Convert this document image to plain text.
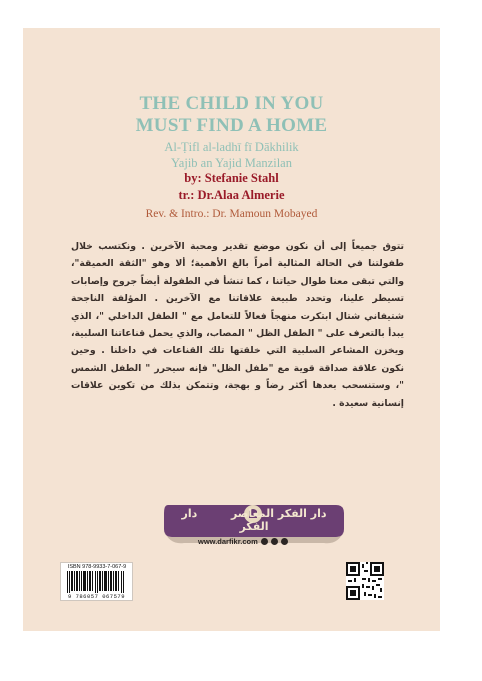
THE CHILD IN YOU
MUST FIND A HOME
Al-Ṭifl al-ladhī fī Dākhilik
Yajib an Yajid Manzilan
by: Stefanie Stahl
tr.: Dr.Alaa Almerie
Rev. & Intro.: Dr. Mamoun Mobayed
تتوق جميعاً إلى أن نكون موضع تقدير ومحبة الآخرين . ونكتسب خلال طفولتنا في الحالة المثالية أمراً بالغ الأهمية؛ ألا وهو "الثقة العميقة"، والتي تبقى معنا طوال حياتنا ، كما تنشأ في الطفولة أيضاً جروح وإصابات تسيطر علينا، وتحدد طبيعة علاقاتنا مع الآخرين . المؤلفة الناجحة شتيفاني شتال ابتكرت منهجاً فعالاً للتعامل مع " الطفل الداخلي "، الذي يبدأ بالتعرف على " الطفل الظل " المصاب، والذي يحمل قناعاتنا السلبية، ويخزن المشاعر السلبية التي خلقتها تلك القناعات في داخلنا . وحين نكون علاقة صداقة قوية مع "طفل الظل" فإنه سيحرر " الطفل الشمس "، وستنسحب بعدها أكثر رضاً و بهجة، وتتمكن بذلك من تكوين علاقات إنسانية سعيدة .
دار الفكر المعاصر  دار الفكر
www.darfikr.com
ISBN 978-9933-7-067-9
9 786057 067579
